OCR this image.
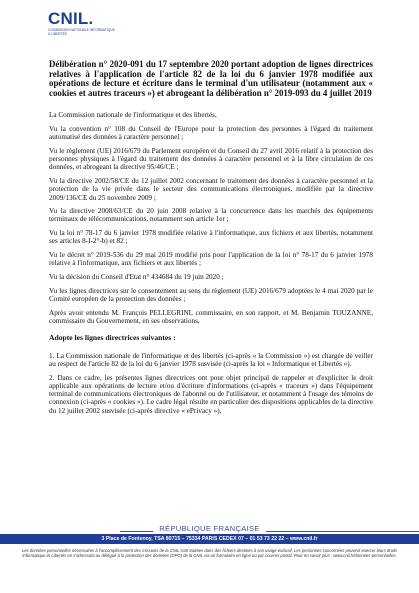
CNIL.
COMMISSION NATIONALE INFORMATIQUE & LIBERTÉS

Délibération n° 2020-091 du 17 septembre 2020 portant adoption de lignes directrices relatives à l'application de l'article 82 de la loi du 6 janvier 1978 modifiée aux opérations de lecture et écriture dans le terminal d'un utilisateur (notamment aux « cookies et autres traceurs ») et abrogeant la délibération n° 2019-093 du 4 juillet 2019

La Commission nationale de l'informatique et des libertés,

Vu la convention n° 108 du Conseil de l'Europe pour la protection des personnes à l'égard du traitement automatisé des données à caractère personnel ;

Vu le règlement (UE) 2016/679 du Parlement européen et du Conseil du 27 avril 2016 relatif à la protection des personnes physiques à l'égard du traitement des données à caractère personnel et à la libre circulation de ces données, et abrogeant la directive 95/46/CE ;

Vu la directive 2002/58/CE du 12 juillet 2002 concernant le traitement des données à caractère personnel et la protection de la vie privée dans le secteur des communications électroniques, modifiée par la directive 2009/136/CE du 25 novembre 2009 ;

Vu la directive 2008/63/CE du 20 juin 2008 relative à la concurrence dans les marchés des équipements terminaux de télécommunications, notamment son article 1er ;

Vu la loi n° 78-17 du 6 janvier 1978 modifiée relative à l'informatique, aux fichiers et aux libertés, notamment ses articles 8-I-2°-b) et 82 ;

Vu le décret n° 2019-536 du 29 mai 2019 modifié pris pour l'application de la loi n° 78-17 du 6 janvier 1978 relative à l'informatique, aux fichiers et aux libertés ;

Vu la décision du Conseil d'Etat n° 434684 du 19 juin 2020 ;

Vu les lignes directrices sur le consentement au sens du règlement (UE) 2016/679 adoptées le 4 mai 2020 par le Comité européen de la protection des données ;

Après avoir entendu M. François PELLEGRINI, commissaire, en son rapport, et M. Benjamin TOUZANNE, commissaire du Gouvernement, en ses observations,

Adopte les lignes directrices suivantes :

1. La Commission nationale de l'informatique et des libertés (ci-après « la Commission ») est chargée de veiller au respect de l'article 82 de la loi du 6 janvier 1978 susvisée (ci-après la loi « Informatique et Libertés »).

2. Dans ce cadre, les présentes lignes directrices ont pour objet principal de rappeler et d'expliciter le droit applicable aux opérations de lecture et/ou d'écriture d'informations (ci-après « traceurs ») dans l'équipement terminal de communications électroniques de l'abonné ou de l'utilisateur, et notamment à l'usage des témoins de connexion (ci-après « cookies »). Le cadre légal résulte en particulier des dispositions applicables de la directive du 12 juillet 2002 susvisée (ci-après directive « ePrivacy »),

RÉPUBLIQUE FRANÇAISE
3 Place de Fontenoy, TSA 80715 – 75334 PARIS CEDEX 07 – 01 53 73 22 22 – www.cnil.fr
Les données personnelles nécessaires à l'accomplissement des missions de la CNIL sont traitées dans des fichiers destinés à son usage exclusif. Les personnes concernées peuvent exercer leurs droits Informatique et Libertés en s'adressant au délégué à la protection des données (DPO) de la CNIL via un formulaire en ligne ou par courrier postal. Pour en savoir plus : www.cnil.fr/donnees-personnelles.
